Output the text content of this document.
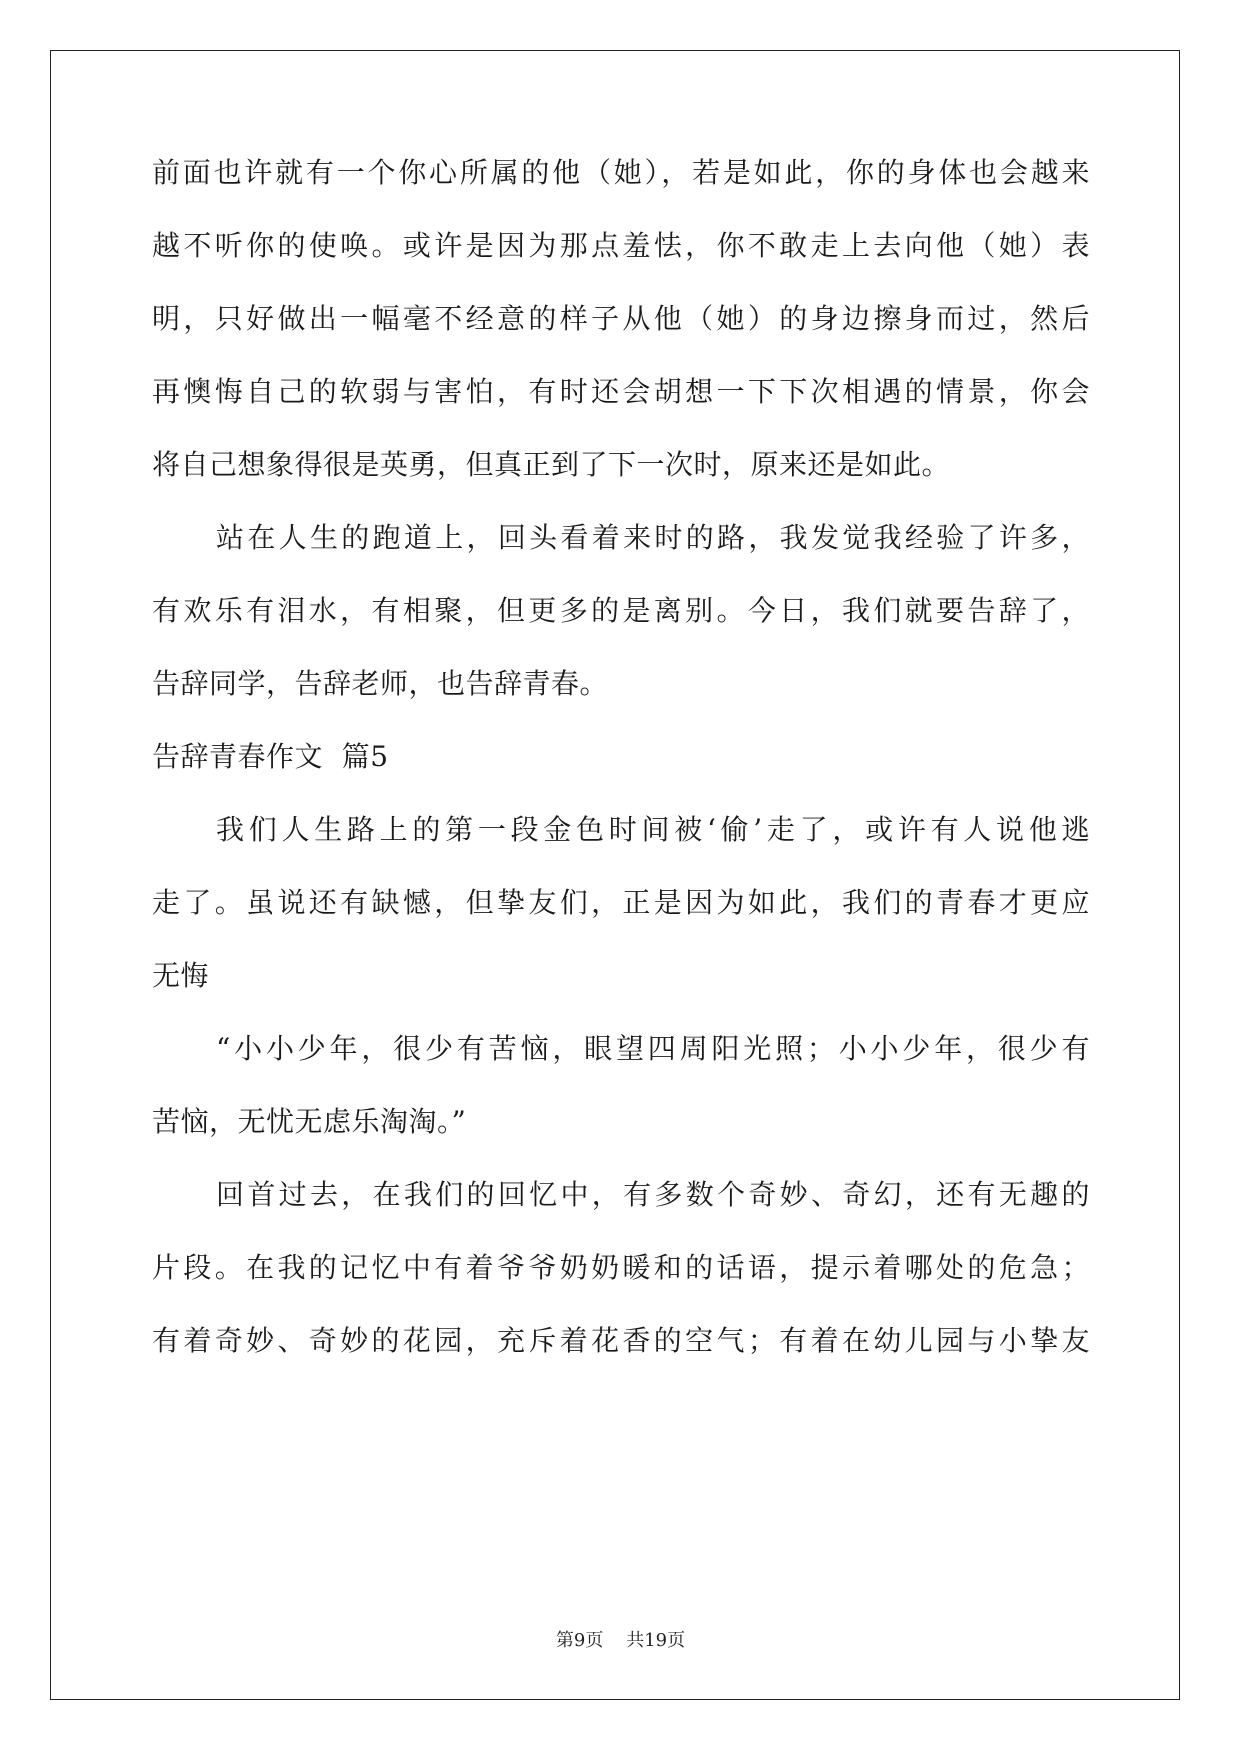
前面也许就有一个你心所属的他（她），若是如此，你的身体也会越来
越不听你的使唤。或许是因为那点羞怯，你不敢走上去向他（她）表
明，只好做出一幅毫不经意的样子从他（她）的身边擦身而过，然后
再懊悔自己的软弱与害怕，有时还会胡想一下下次相遇的情景，你会
将自己想象得很是英勇，但真正到了下一次时，原来还是如此。
站在人生的跑道上，回头看着来时的路，我发觉我经验了许多，
有欢乐有泪水，有相聚，但更多的是离别。今日，我们就要告辞了，
告辞同学，告辞老师，也告辞青春。
告辞青春作文  篇5
我们人生路上的第一段金色时间被‘偷’走了，或许有人说他逃
走了。虽说还有缺憾，但挚友们，正是因为如此，我们的青春才更应
无悔
“小小少年，很少有苦恼，眼望四周阳光照；小小少年，很少有
苦恼，无忧无虑乐淘淘。”
回首过去，在我们的回忆中，有多数个奇妙、奇幻，还有无趣的
片段。在我的记忆中有着爷爷奶奶暖和的话语，提示着哪处的危急；
有着奇妙、奇妙的花园，充斥着花香的空气；有着在幼儿园与小挚友
第9页    共19页
